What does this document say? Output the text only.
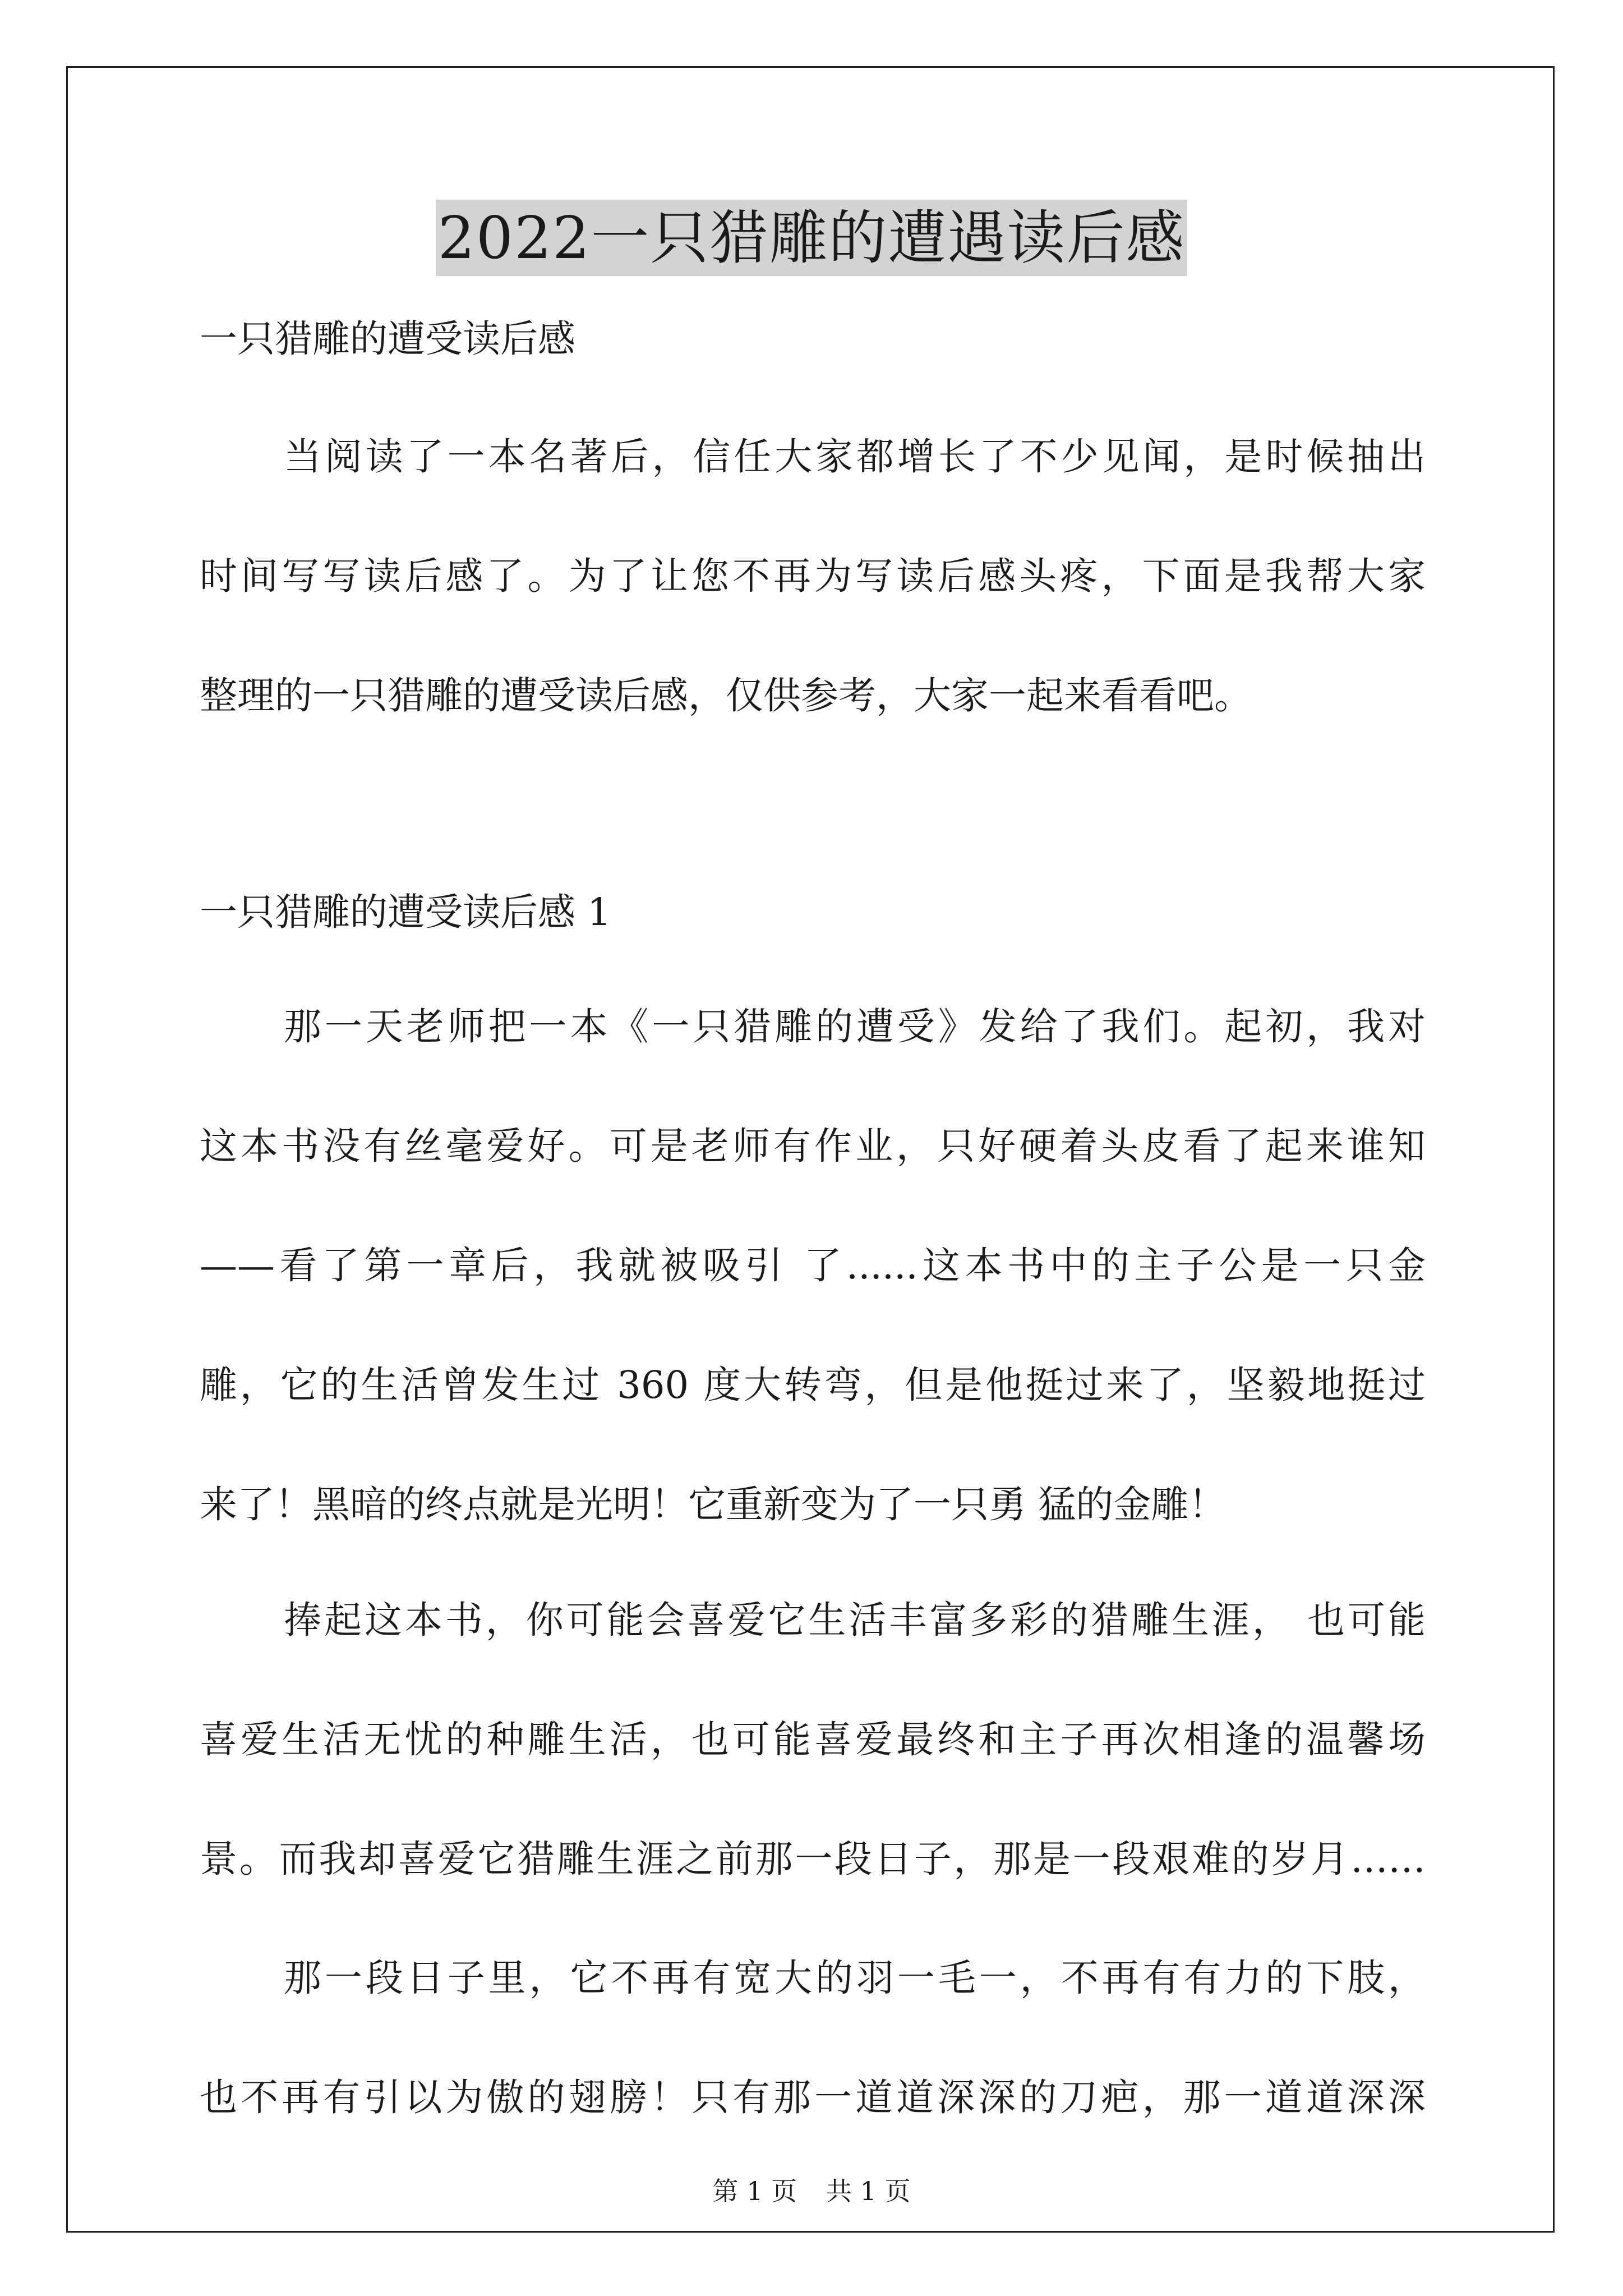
2022一只猎雕的遭遇读后感
一只猎雕的遭受读后感
当阅读了一本名著后，信任大家都增长了不少见闻，是时候抽出
时间写写读后感了。为了让您不再为写读后感头疼，下面是我帮大家
整理的一只猎雕的遭受读后感，仅供参考，大家一起来看看吧。
一只猎雕的遭受读后感 1
那一天老师把一本《一只猎雕的遭受》发给了我们。起初，我对
这本书没有丝毫爱好。可是老师有作业，只好硬着头皮看了起来谁知
——看了第一章后，我就被吸引 了......这本书中的主子公是一只金
雕，它的生活曾发生过 360 度大转弯，但是他挺过来了，坚毅地挺过
来了！黑暗的终点就是光明！它重新变为了一只勇 猛的金雕！
捧起这本书，你可能会喜爱它生活丰富多彩的猎雕生涯， 也可能
喜爱生活无忧的种雕生活，也可能喜爱最终和主子再次相逢的温馨场
景。而我却喜爱它猎雕生涯之前那一段日子，那是一段艰难的岁月……
那一段日子里，它不再有宽大的羽一毛一，不再有有力的下肢，
也不再有引以为傲的翅膀！只有那一道道深深的刀疤，那一道道深深
第 1 页 共 1 页
